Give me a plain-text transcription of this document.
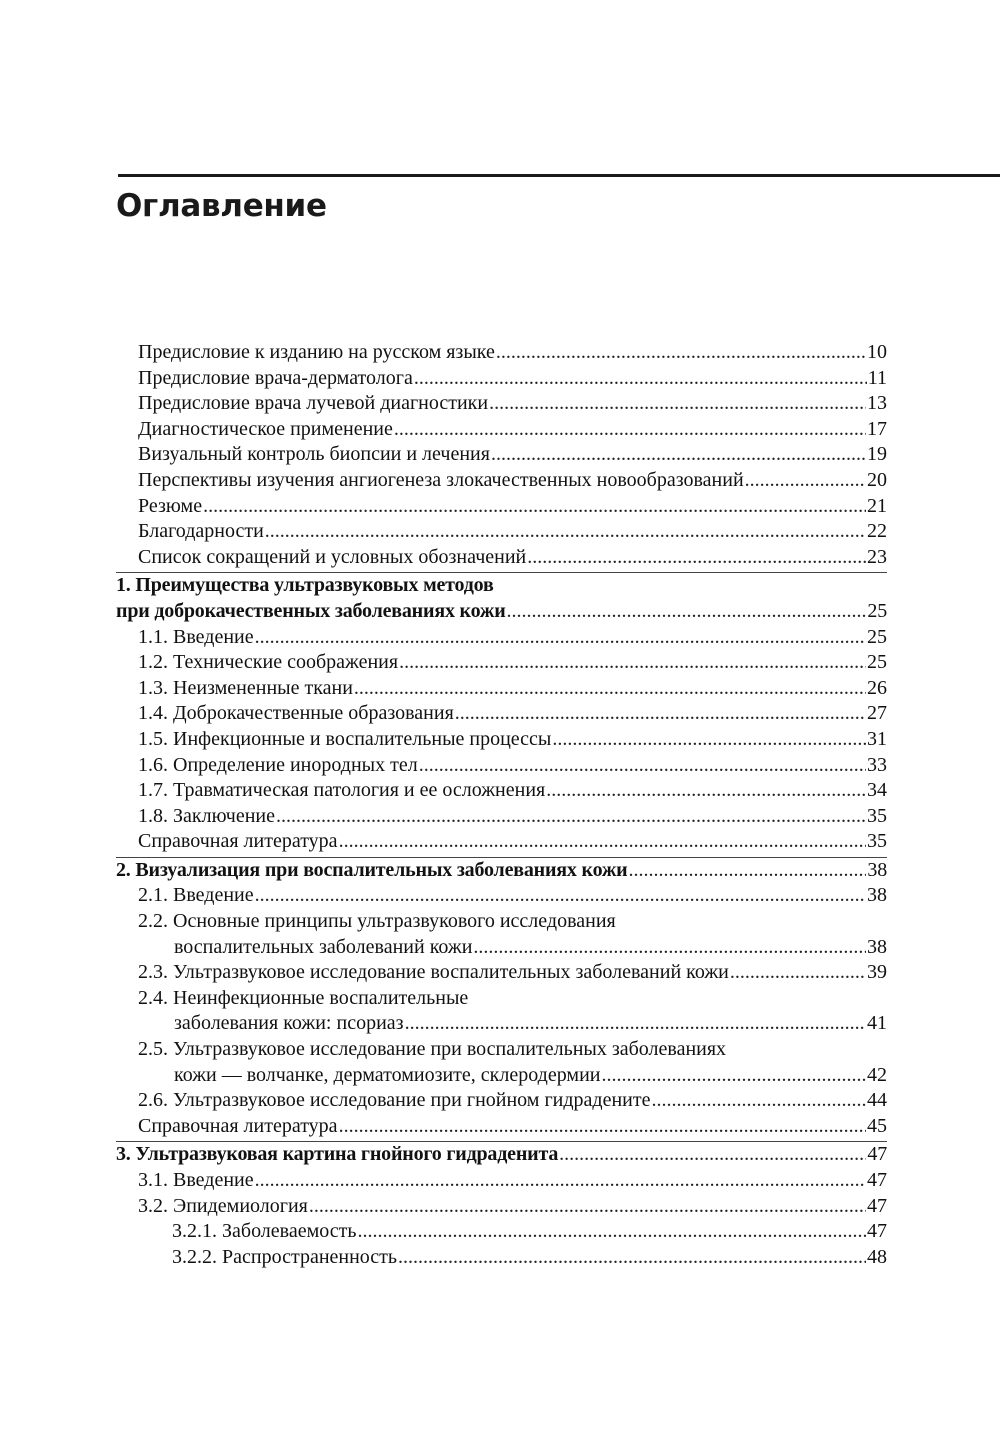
Оглавление
Предисловие к изданию на русском языке .....	10
Предисловие врача-дерматолога .....	11
Предисловие врача лучевой диагностики .....	13
Диагностическое применение .....	17
Визуальный контроль биопсии и лечения .....	19
Перспективы изучения ангиогенеза злокачественных новообразований .....	20
Резюме .....	21
Благодарности .....	22
Список сокращений и условных обозначений .....	23
1. Преимущества ультразвуковых методов
при доброкачественных заболеваниях кожи .....	25
1.1. Введение .....	25
1.2. Технические соображения .....	25
1.3. Неизмененные ткани .....	26
1.4. Доброкачественные образования .....	27
1.5. Инфекционные и воспалительные процессы .....	31
1.6. Определение инородных тел .....	33
1.7. Травматическая патология и ее осложнения .....	34
1.8. Заключение .....	35
Справочная литература .....	35
2. Визуализация при воспалительных заболеваниях кожи .....	38
2.1. Введение .....	38
2.2. Основные принципы ультразвукового исследования
воспалительных заболеваний кожи .....	38
2.3. Ультразвуковое исследование воспалительных заболеваний кожи .....	39
2.4. Неинфекционные воспалительные
заболевания кожи: псориаз .....	41
2.5. Ультразвуковое исследование при воспалительных заболеваниях
кожи — волчанке, дерматомиозите, склеродермии .....	42
2.6. Ультразвуковое исследование при гнойном гидрадените .....	44
Справочная литература .....	45
3. Ультразвуковая картина гнойного гидраденита .....	47
3.1. Введение .....	47
3.2. Эпидемиология .....	47
3.2.1. Заболеваемость .....	47
3.2.2. Распространенность .....	48
